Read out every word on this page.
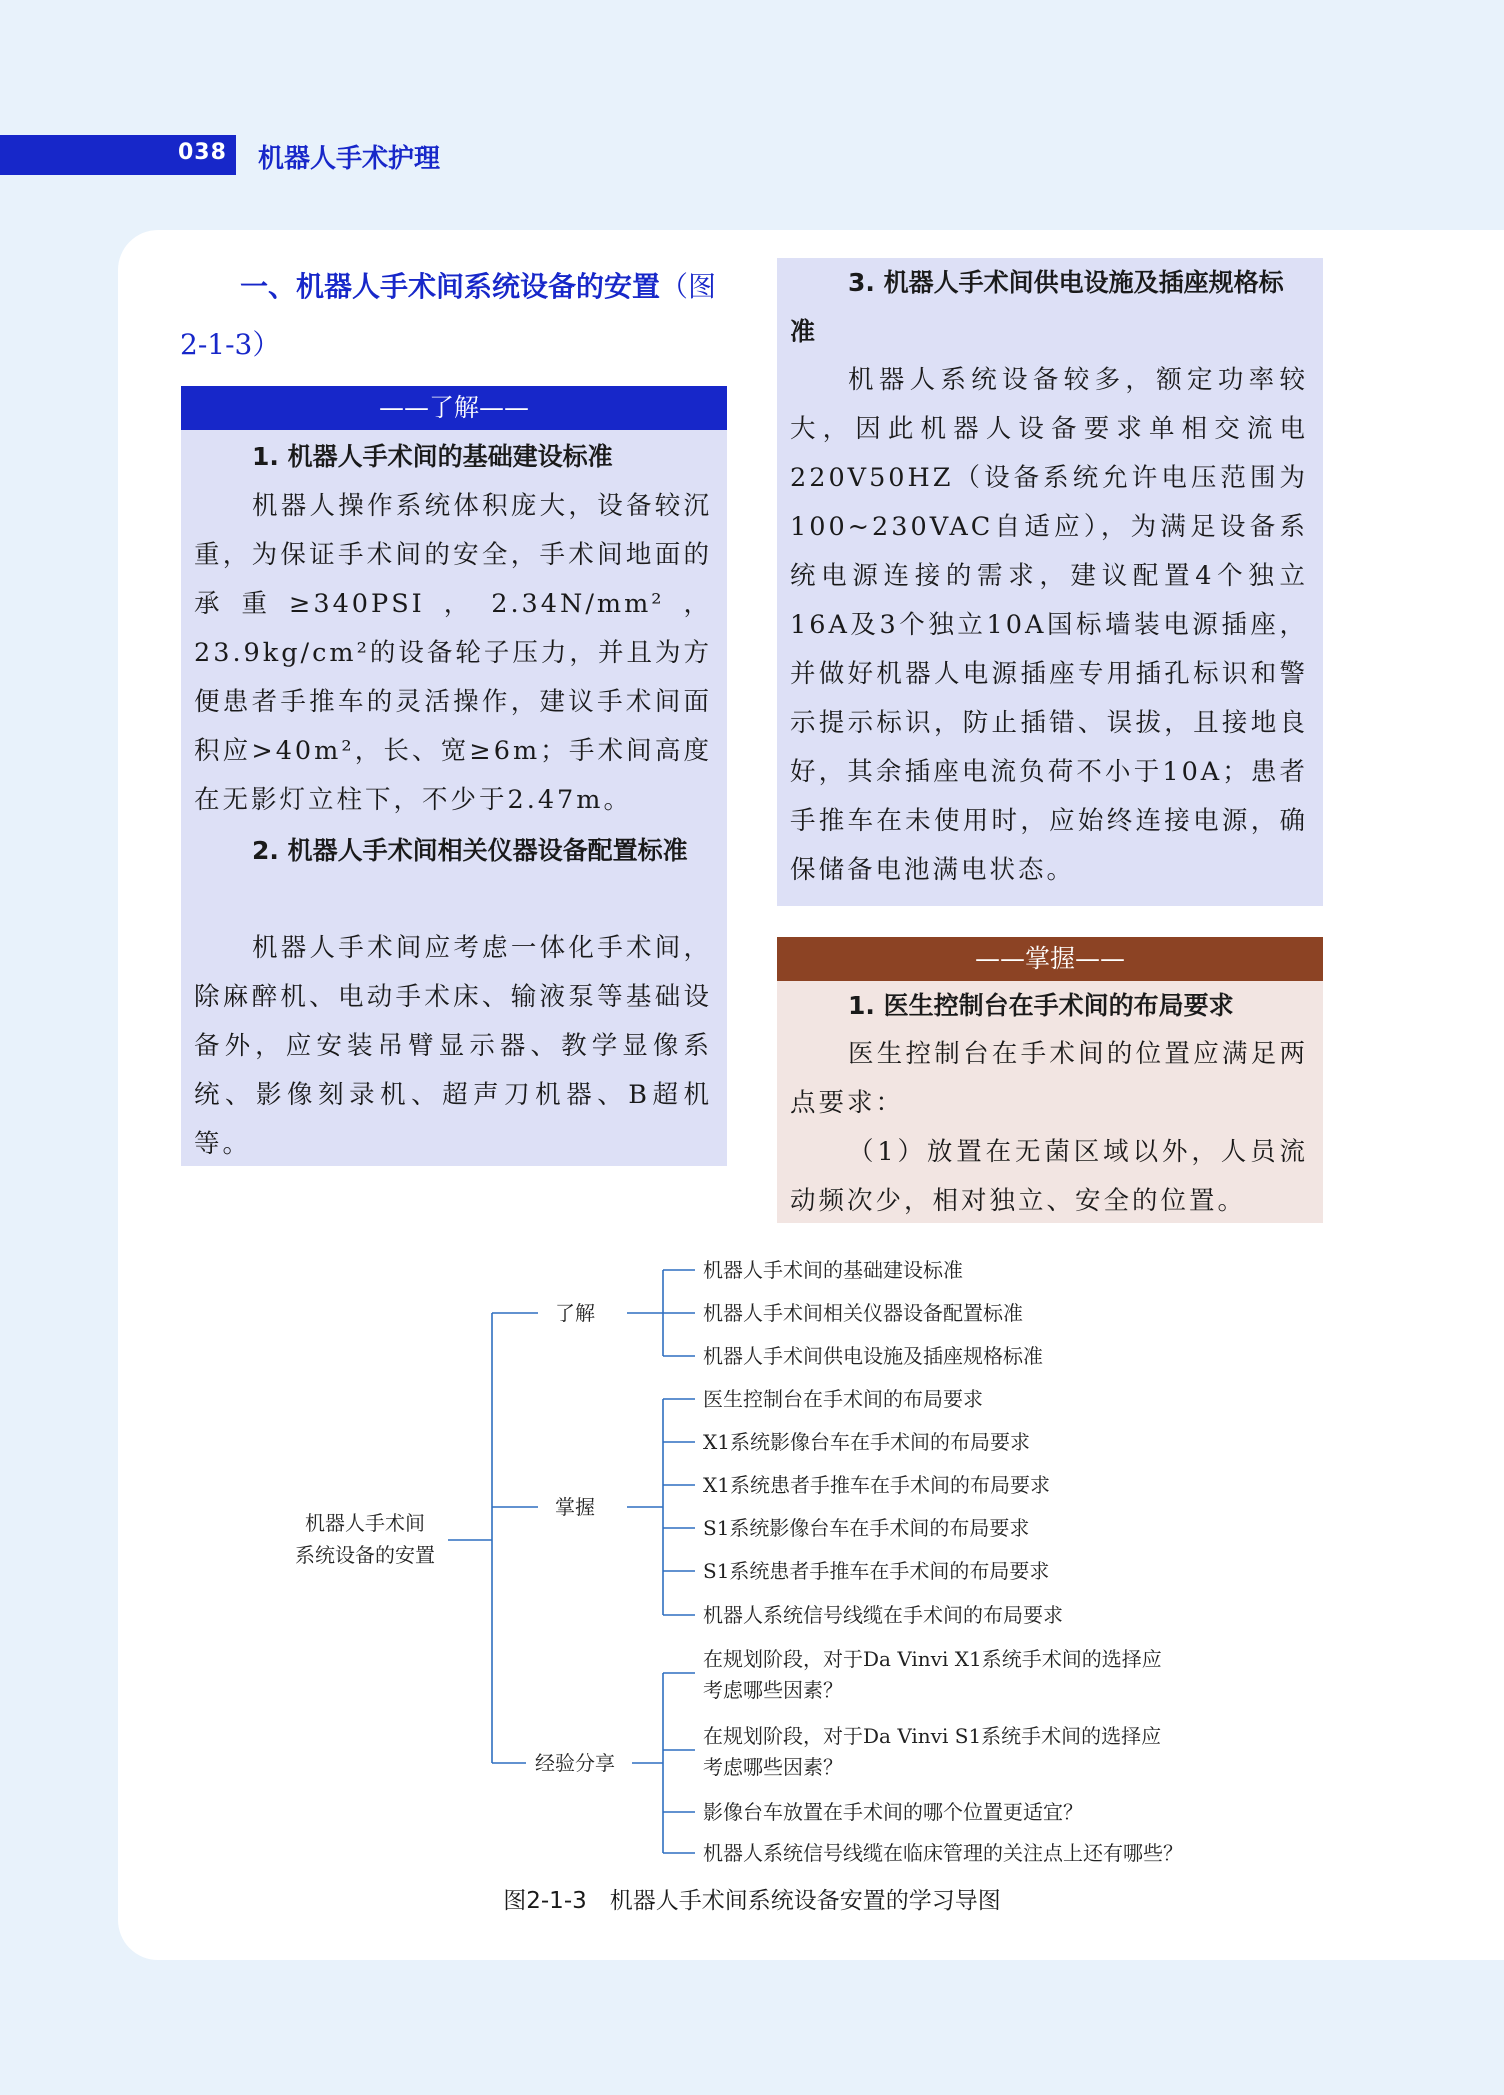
038 机器人手术护理
一、机器人手术间系统设备的安置（图2-1-3）
——了解——
1. 机器人手术间的基础建设标准
机器人操作系统体积庞大，设备较沉重，为保证手术间的安全，手术间地面的承重≥340PSI，2.34N/mm²，23.9kg/cm²的设备轮子压力，并且为方便患者手推车的灵活操作，建议手术间面积应>40m²，长、宽≥6m；手术间高度在无影灯立柱下，不少于2.47m。
2. 机器人手术间相关仪器设备配置标准
机器人手术间应考虑一体化手术间，除麻醉机、电动手术床、输液泵等基础设备外，应安装吊臂显示器、教学显像系统、影像刻录机、超声刀机器、B超机等。
3. 机器人手术间供电设施及插座规格标准
机器人系统设备较多，额定功率较大，因此机器人设备要求单相交流电220V50HZ（设备系统允许电压范围为100~230VAC自适应），为满足设备系统电源连接的需求，建议配置4个独立16A及3个独立10A国标墙装电源插座，并做好机器人电源插座专用插孔标识和警示提示标识，防止插错、误拔，且接地良好，其余插座电流负荷不小于10A；患者手推车在未使用时，应始终连接电源，确保储备电池满电状态。
——掌握——
1. 医生控制台在手术间的布局要求
医生控制台在手术间的位置应满足两点要求：
（1）放置在无菌区域以外，人员流动频次少，相对独立、安全的位置。
机器人手术间
系统设备的安置
了解
掌握
经验分享
机器人手术间的基础建设标准
机器人手术间相关仪器设备配置标准
机器人手术间供电设施及插座规格标准
医生控制台在手术间的布局要求
X1系统影像台车在手术间的布局要求
X1系统患者手推车在手术间的布局要求
S1系统影像台车在手术间的布局要求
S1系统患者手推车在手术间的布局要求
机器人系统信号线缆在手术间的布局要求
在规划阶段，对于Da Vinvi X1系统手术间的选择应
考虑哪些因素？
在规划阶段，对于Da Vinvi S1系统手术间的选择应
考虑哪些因素？
影像台车放置在手术间的哪个位置更适宜？
机器人系统信号线缆在临床管理的关注点上还有哪些？
图2-1-3　机器人手术间系统设备安置的学习导图
